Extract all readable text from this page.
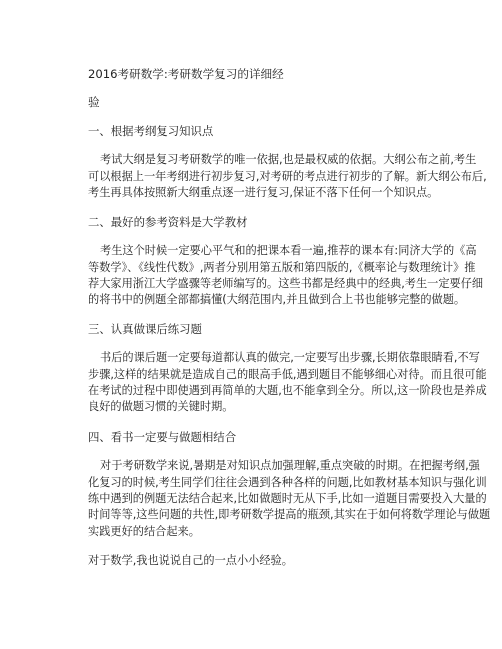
2016考研数学:考研数学复习的详细经
验
一、根据考纲复习知识点
考试大纲是复习考研数学的唯一依据,也是最权威的依据。大纲公布之前,考生
可以根据上一年考纲进行初步复习,对考研的考点进行初步的了解。新大纲公布后,
考生再具体按照新大纲重点逐一进行复习,保证不落下任何一个知识点。
二、最好的参考资料是大学教材
考生这个时候一定要心平气和的把课本看一遍,推荐的课本有:同济大学的《高
等数学》、《线性代数》,两者分别用第五版和第四版的,《概率论与数理统计》推
荐大家用浙江大学盛骤等老师编写的。这些书都是经典中的经典,考生一定要仔细
的将书中的例题全部都搞懂(大纲范围内,并且做到合上书也能够完整的做题。
三、认真做课后练习题
书后的课后题一定要每道都认真的做完,一定要写出步骤,长期依靠眼睛看,不写
步骤,这样的结果就是造成自己的眼高手低,遇到题目不能够细心对待。而且很可能
在考试的过程中即使遇到再简单的大题,也不能拿到全分。所以,这一阶段也是养成
良好的做题习惯的关键时期。
四、看书一定要与做题相结合
对于考研数学来说,暑期是对知识点加强理解,重点突破的时期。在把握考纲,强
化复习的时候,考生同学们往往会遇到各种各样的问题,比如教材基本知识与强化训
练中遇到的例题无法结合起来,比如做题时无从下手,比如一道题目需要投入大量的
时间等等,这些问题的共性,即考研数学提高的瓶颈,其实在于如何将数学理论与做题
实践更好的结合起来。
对于数学,我也说说自己的一点小小经验。
